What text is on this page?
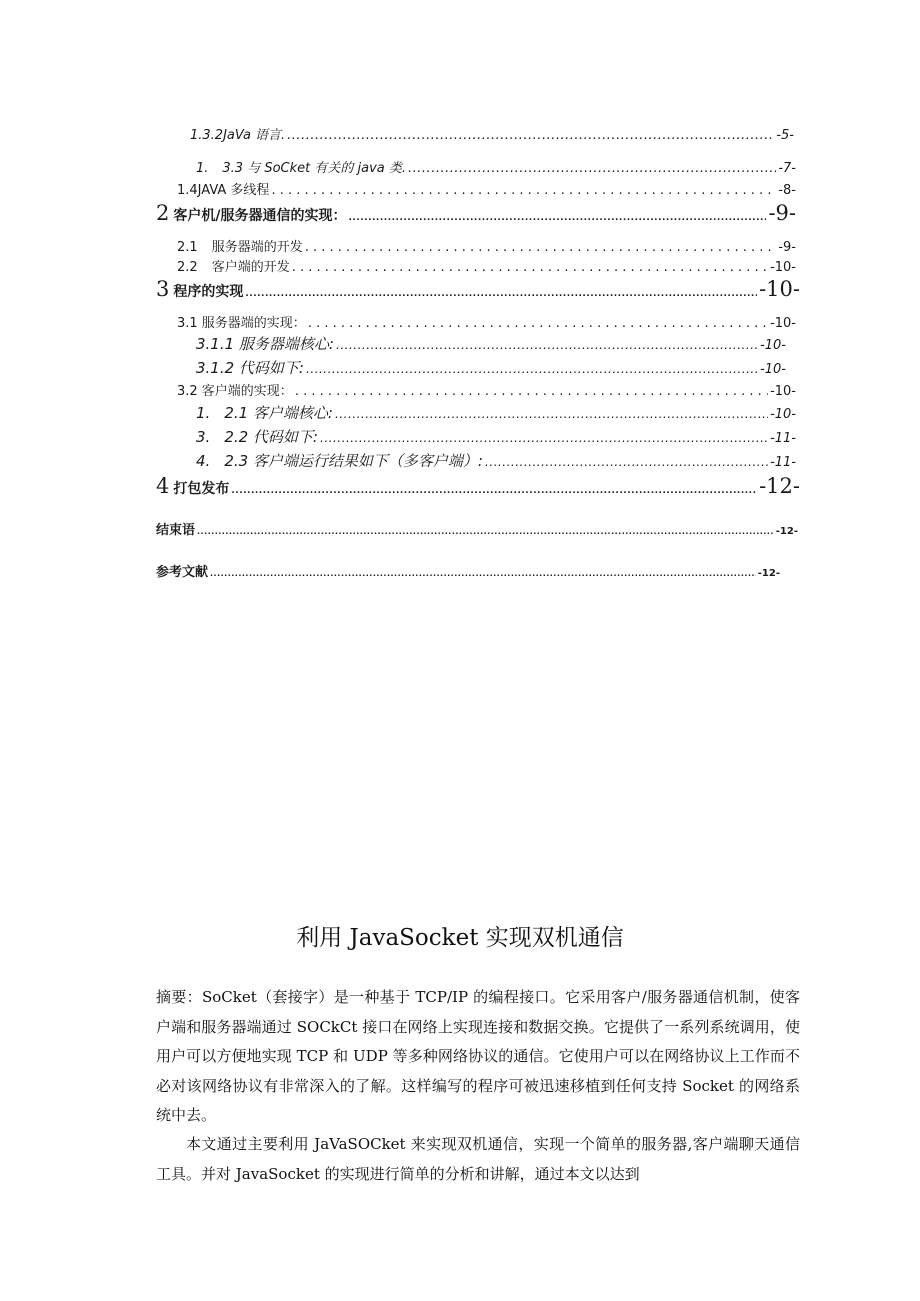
1.3.2JaVa 语言. .....	-5-
1. 3.3 与 SoCket 有关的 java 类. .....	-7-
1.4JAVA 多线程 . . .	-8-
2 客户机/服务器通信的实现： .....	-9-
2.1 服务器端的开发 . . .	-9-
2.2 客户端的开发 . . .	-10-
3 程序的实现 .....	-10-
3.1 服务器端的实现： . . .	-10-
3.1.1 服务器端核心: .....	-10-
3.1.2 代码如下: .....	-10-
3.2 客户端的实现： . . .	-10-
1. 2.1 客户端核心: .....	-10-
3. 2.2 代码如下: .....	-11-
4. 2.3 客户端运行结果如下（多客户端）: .....	-11-
4 打包发布 .....	-12-
结束语 .....	-12-
参考文献 .....	-12-
利用 JavaSocket 实现双机通信
摘要：SoCket（套接字）是一种基于 TCP/IP 的编程接口。它采用客户/服务器通信机制，使客户端和服务器端通过 SOCkCt 接口在网络上实现连接和数据交换。它提供了一系列系统调用，使用户可以方便地实现 TCP 和 UDP 等多种网络协议的通信。它使用户可以在网络协议上工作而不必对该网络协议有非常深入的了解。这样编写的程序可被迅速移植到任何支持 Socket 的网络系统中去。
本文通过主要利用 JaVaSOCket 来实现双机通信，实现一个简单的服务器,客户端聊天通信工具。并对 JavaSocket 的实现进行简单的分析和讲解，通过本文以达到
